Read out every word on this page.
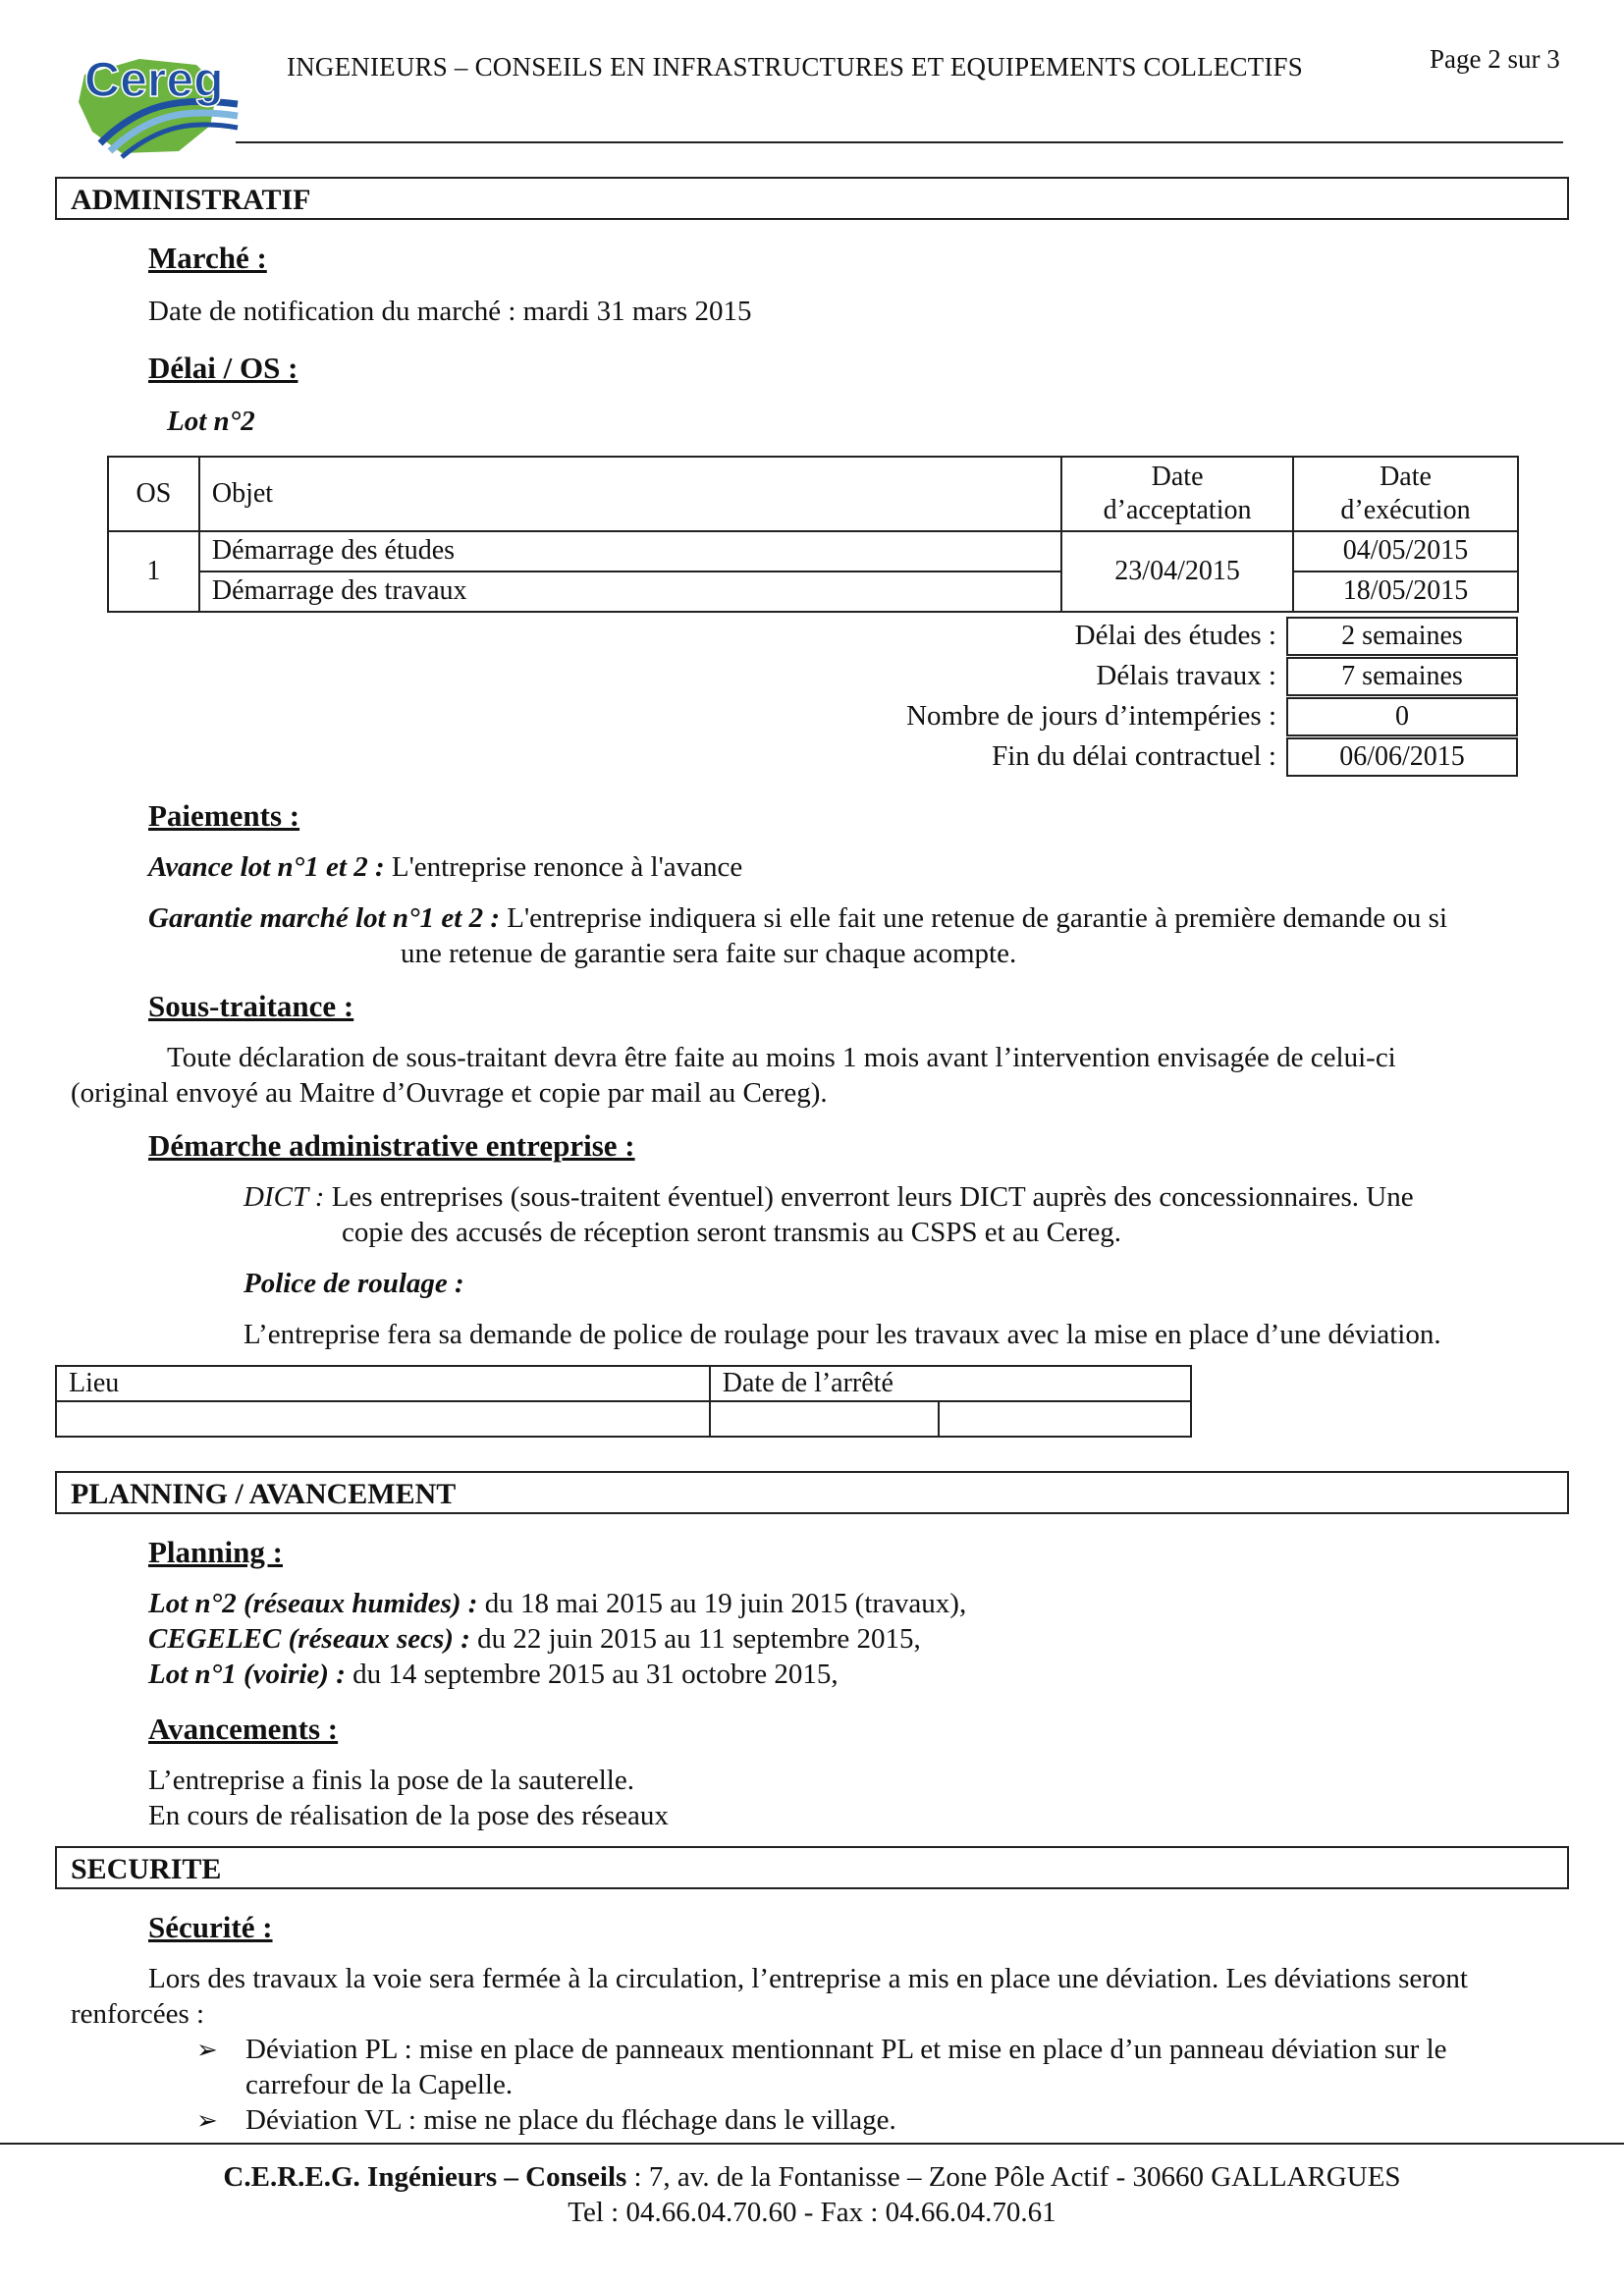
Cereg INGENIEURS – CONSEILS EN INFRASTRUCTURES ET EQUIPEMENTS COLLECTIFS	Page 2 sur 3
ADMINISTRATIF
Marché :
Date de notification du marché : mardi 31 mars 2015
Délai / OS :
Lot n°2
OS	Objet	Date d’acceptation	Date d’exécution
1	Démarrage des études	23/04/2015	04/05/2015
	Démarrage des travaux		18/05/2015
Délai des études :	2 semaines
Délais travaux :	7 semaines
Nombre de jours d’intempéries :	0
Fin du délai contractuel :	06/06/2015
Paiements :
Avance lot n°1 et 2 : L'entreprise renonce à l'avance
Garantie marché lot n°1 et 2 : L'entreprise indiquera si elle fait une retenue de garantie à première demande ou si
une retenue de garantie sera faite sur chaque acompte.
Sous-traitance :
Toute déclaration de sous-traitant devra être faite au moins 1 mois avant l’intervention envisagée de celui-ci
(original envoyé au Maitre d’Ouvrage et copie par mail au Cereg).
Démarche administrative entreprise :
DICT : Les entreprises (sous-traitent éventuel) enverront leurs DICT auprès des concessionnaires. Une
copie des accusés de réception seront transmis au CSPS et au Cereg.
Police de roulage :
L’entreprise fera sa demande de police de roulage pour les travaux avec la mise en place d’une déviation.
Lieu	Date de l’arrêté	

PLANNING / AVANCEMENT
Planning :
Lot n°2 (réseaux humides) : du 18 mai 2015 au 19 juin 2015 (travaux),
CEGELEC (réseaux secs) : du 22 juin 2015 au 11 septembre 2015,
Lot n°1 (voirie) : du 14 septembre 2015 au 31 octobre 2015,
Avancements :
L’entreprise a finis la pose de la sauterelle.
En cours de réalisation de la pose des réseaux
SECURITE
Sécurité :
Lors des travaux la voie sera fermée à la circulation, l’entreprise a mis en place une déviation. Les déviations seront
renforcées :
➢ Déviation PL : mise en place de panneaux mentionnant PL et mise en place d’un panneau déviation sur le
carrefour de la Capelle.
➢ Déviation VL : mise ne place du fléchage dans le village.
C.E.R.E.G. Ingénieurs – Conseils : 7, av. de la Fontanisse – Zone Pôle Actif - 30660 GALLARGUES
Tel : 04.66.04.70.60 - Fax : 04.66.04.70.61
